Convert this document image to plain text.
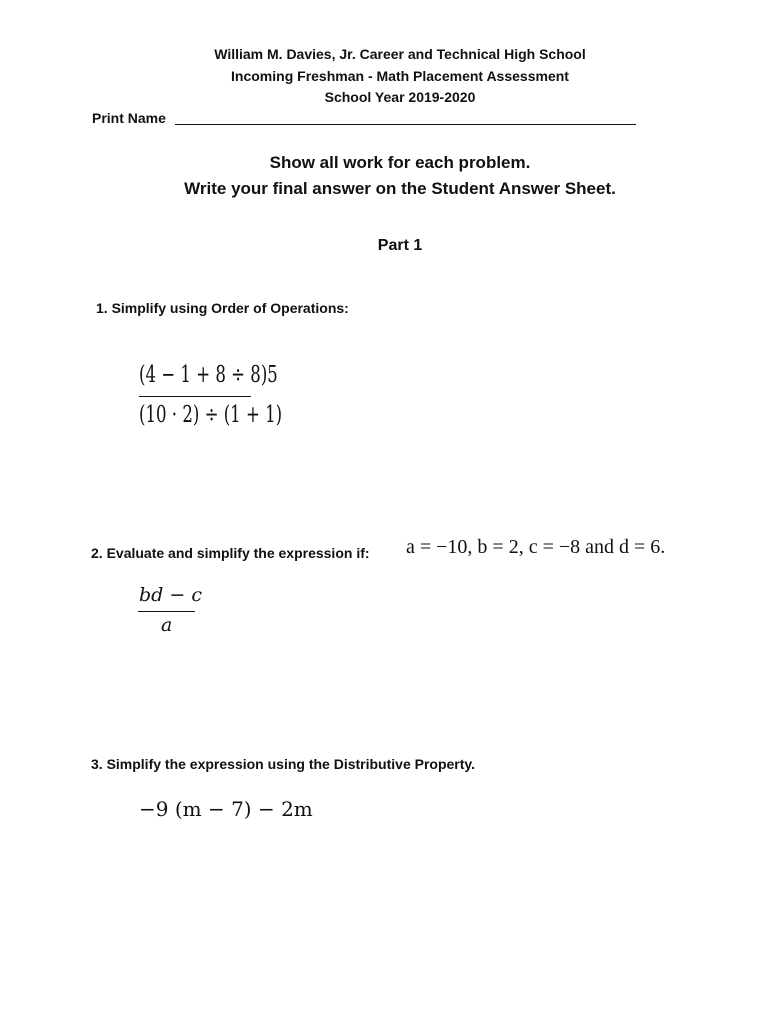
William M. Davies, Jr. Career and Technical High School
Incoming Freshman - Math Placement Assessment
School Year 2019-2020
Print Name
Show all work for each problem.
Write your final answer on the Student Answer Sheet.
Part 1
1. Simplify using Order of Operations:
(4 − 1 + 8 ÷ 8)5
(10 · 2) ÷ (1 + 1)
2. Evaluate and simplify the expression if: a = −10, b = 2, c = −8 and d = 6.
bd − c
a
3. Simplify the expression using the Distributive Property.
−9 (m − 7) − 2m
